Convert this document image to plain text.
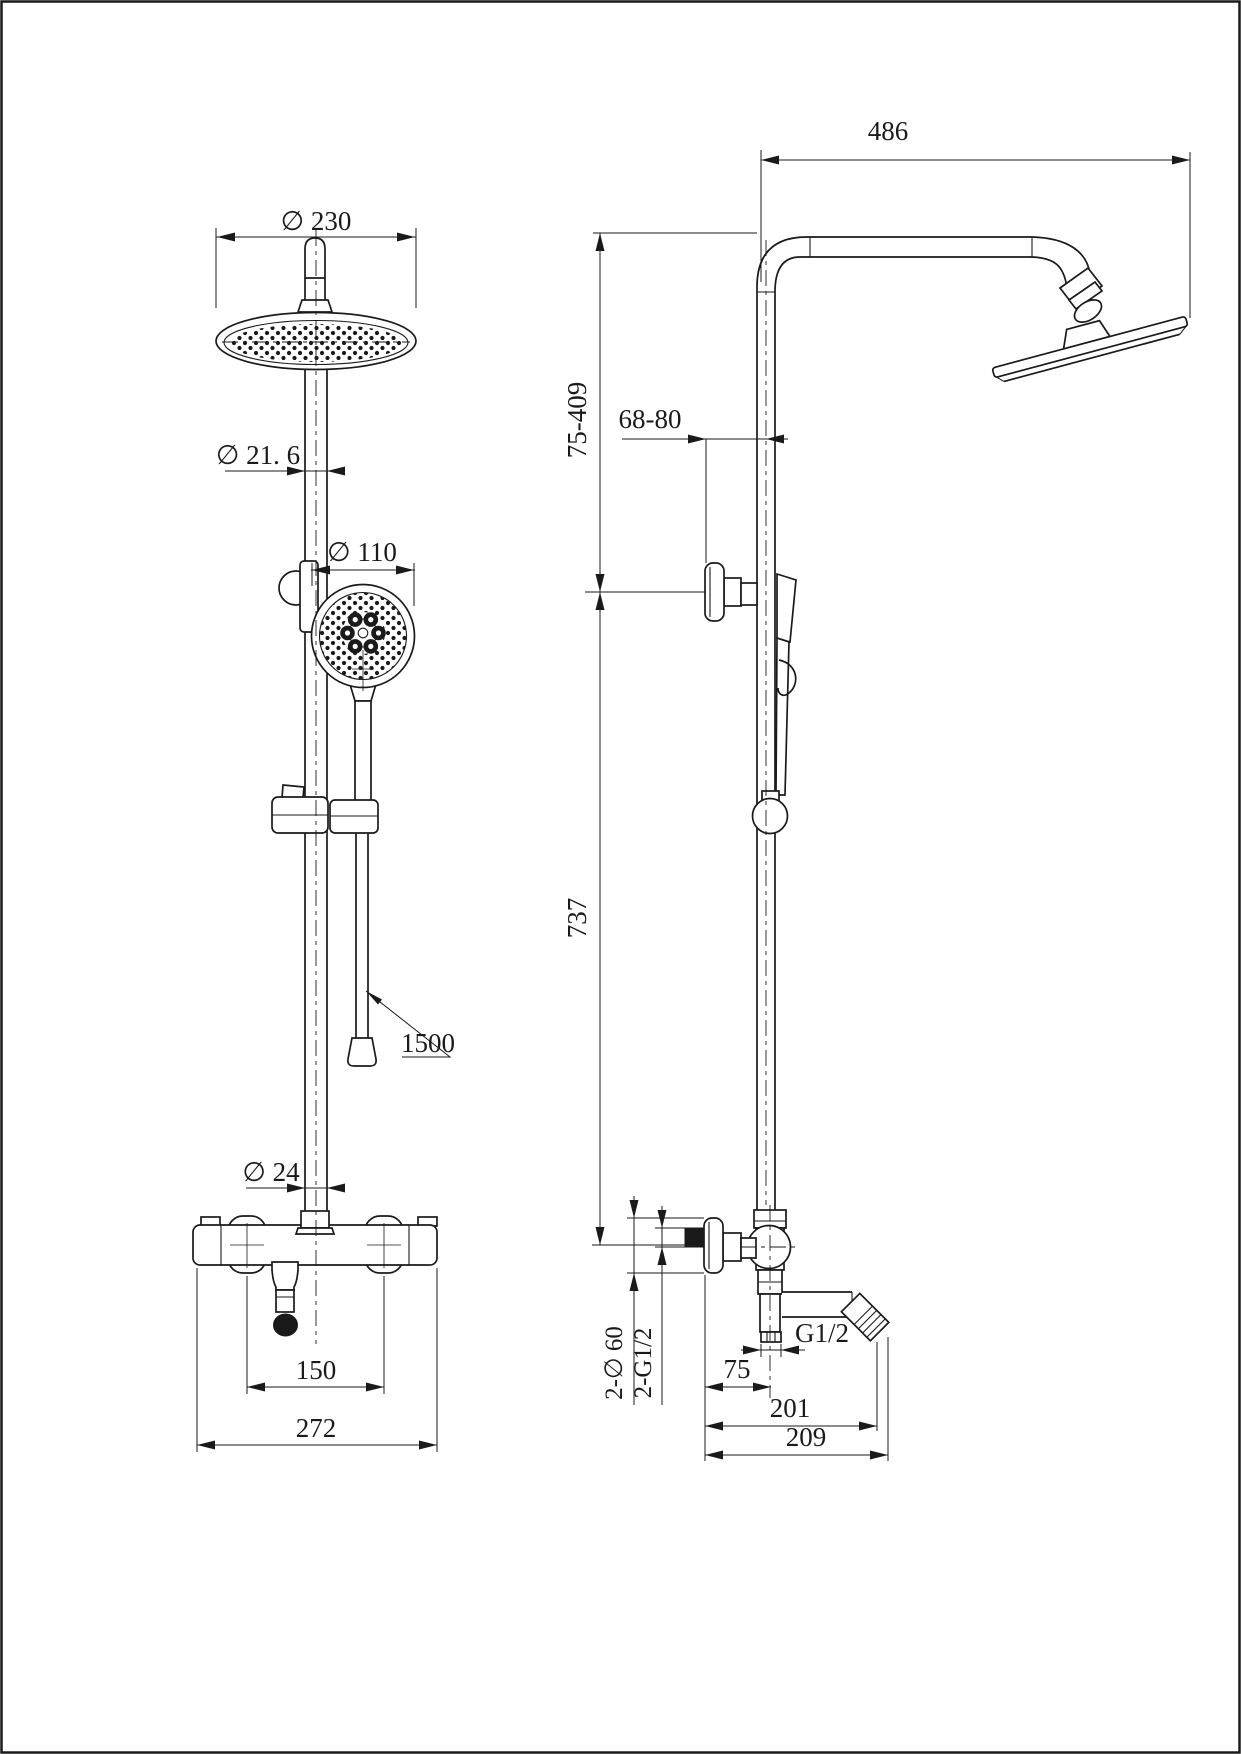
∅ 230
∅ 21. 6
∅ 110
1500
∅ 24
150
272
486
75-409 68-80
737
2-∅ 60 2-G1/2	G1/2
75
201
209
